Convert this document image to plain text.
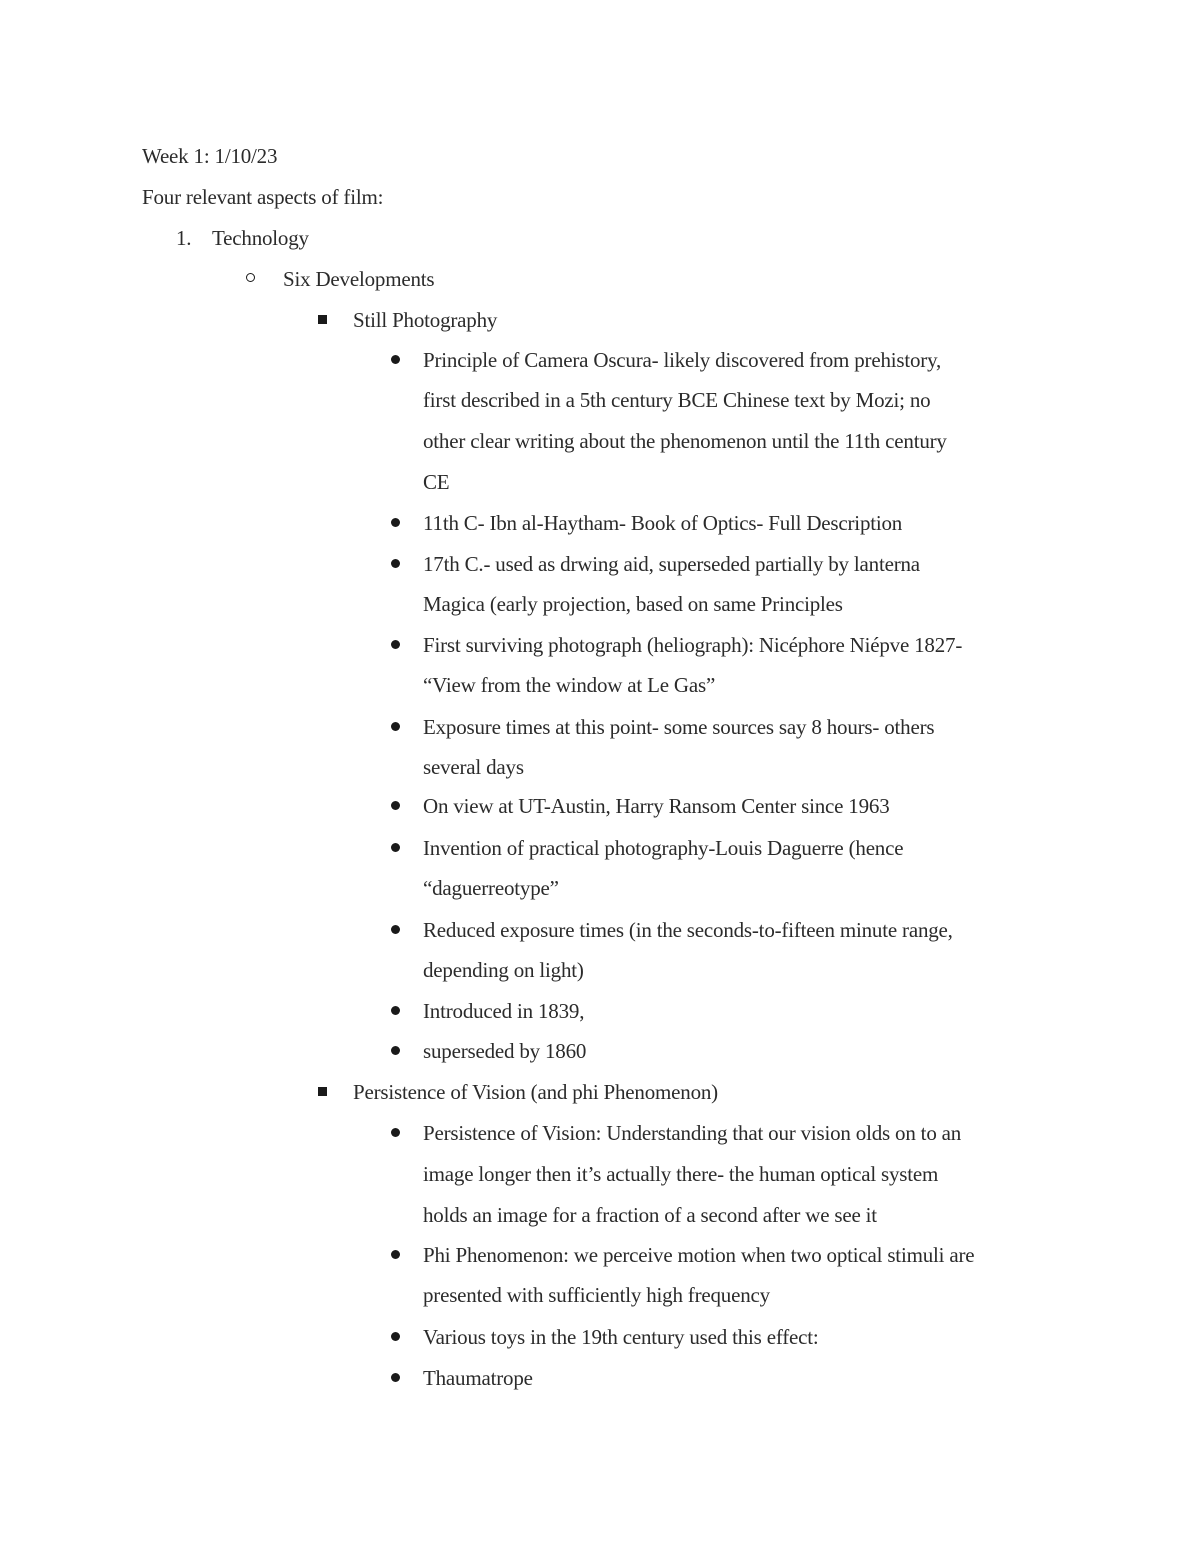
Week 1: 1/10/23
Four relevant aspects of film:
1. Technology
Six Developments
Still Photography
Principle of Camera Oscura- likely discovered from prehistory,
first described in a 5th century BCE Chinese text by Mozi; no
other clear writing about the phenomenon until the 11th century
CE
11th C- Ibn al-Haytham- Book of Optics- Full Description
17th C.- used as drwing aid, superseded partially by lanterna
Magica (early projection, based on same Principles
First surviving photograph (heliograph): Nicéphore Niépve 1827-
“View from the window at Le Gas”
Exposure times at this point- some sources say 8 hours- others
several days
On view at UT-Austin, Harry Ransom Center since 1963
Invention of practical photography-Louis Daguerre (hence
“daguerreotype”
Reduced exposure times (in the seconds-to-fifteen minute range,
depending on light)
Introduced in 1839,
superseded by 1860
Persistence of Vision (and phi Phenomenon)
Persistence of Vision: Understanding that our vision olds on to an
image longer then it’s actually there- the human optical system
holds an image for a fraction of a second after we see it
Phi Phenomenon: we perceive motion when two optical stimuli are
presented with sufficiently high frequency
Various toys in the 19th century used this effect:
Thaumatrope
